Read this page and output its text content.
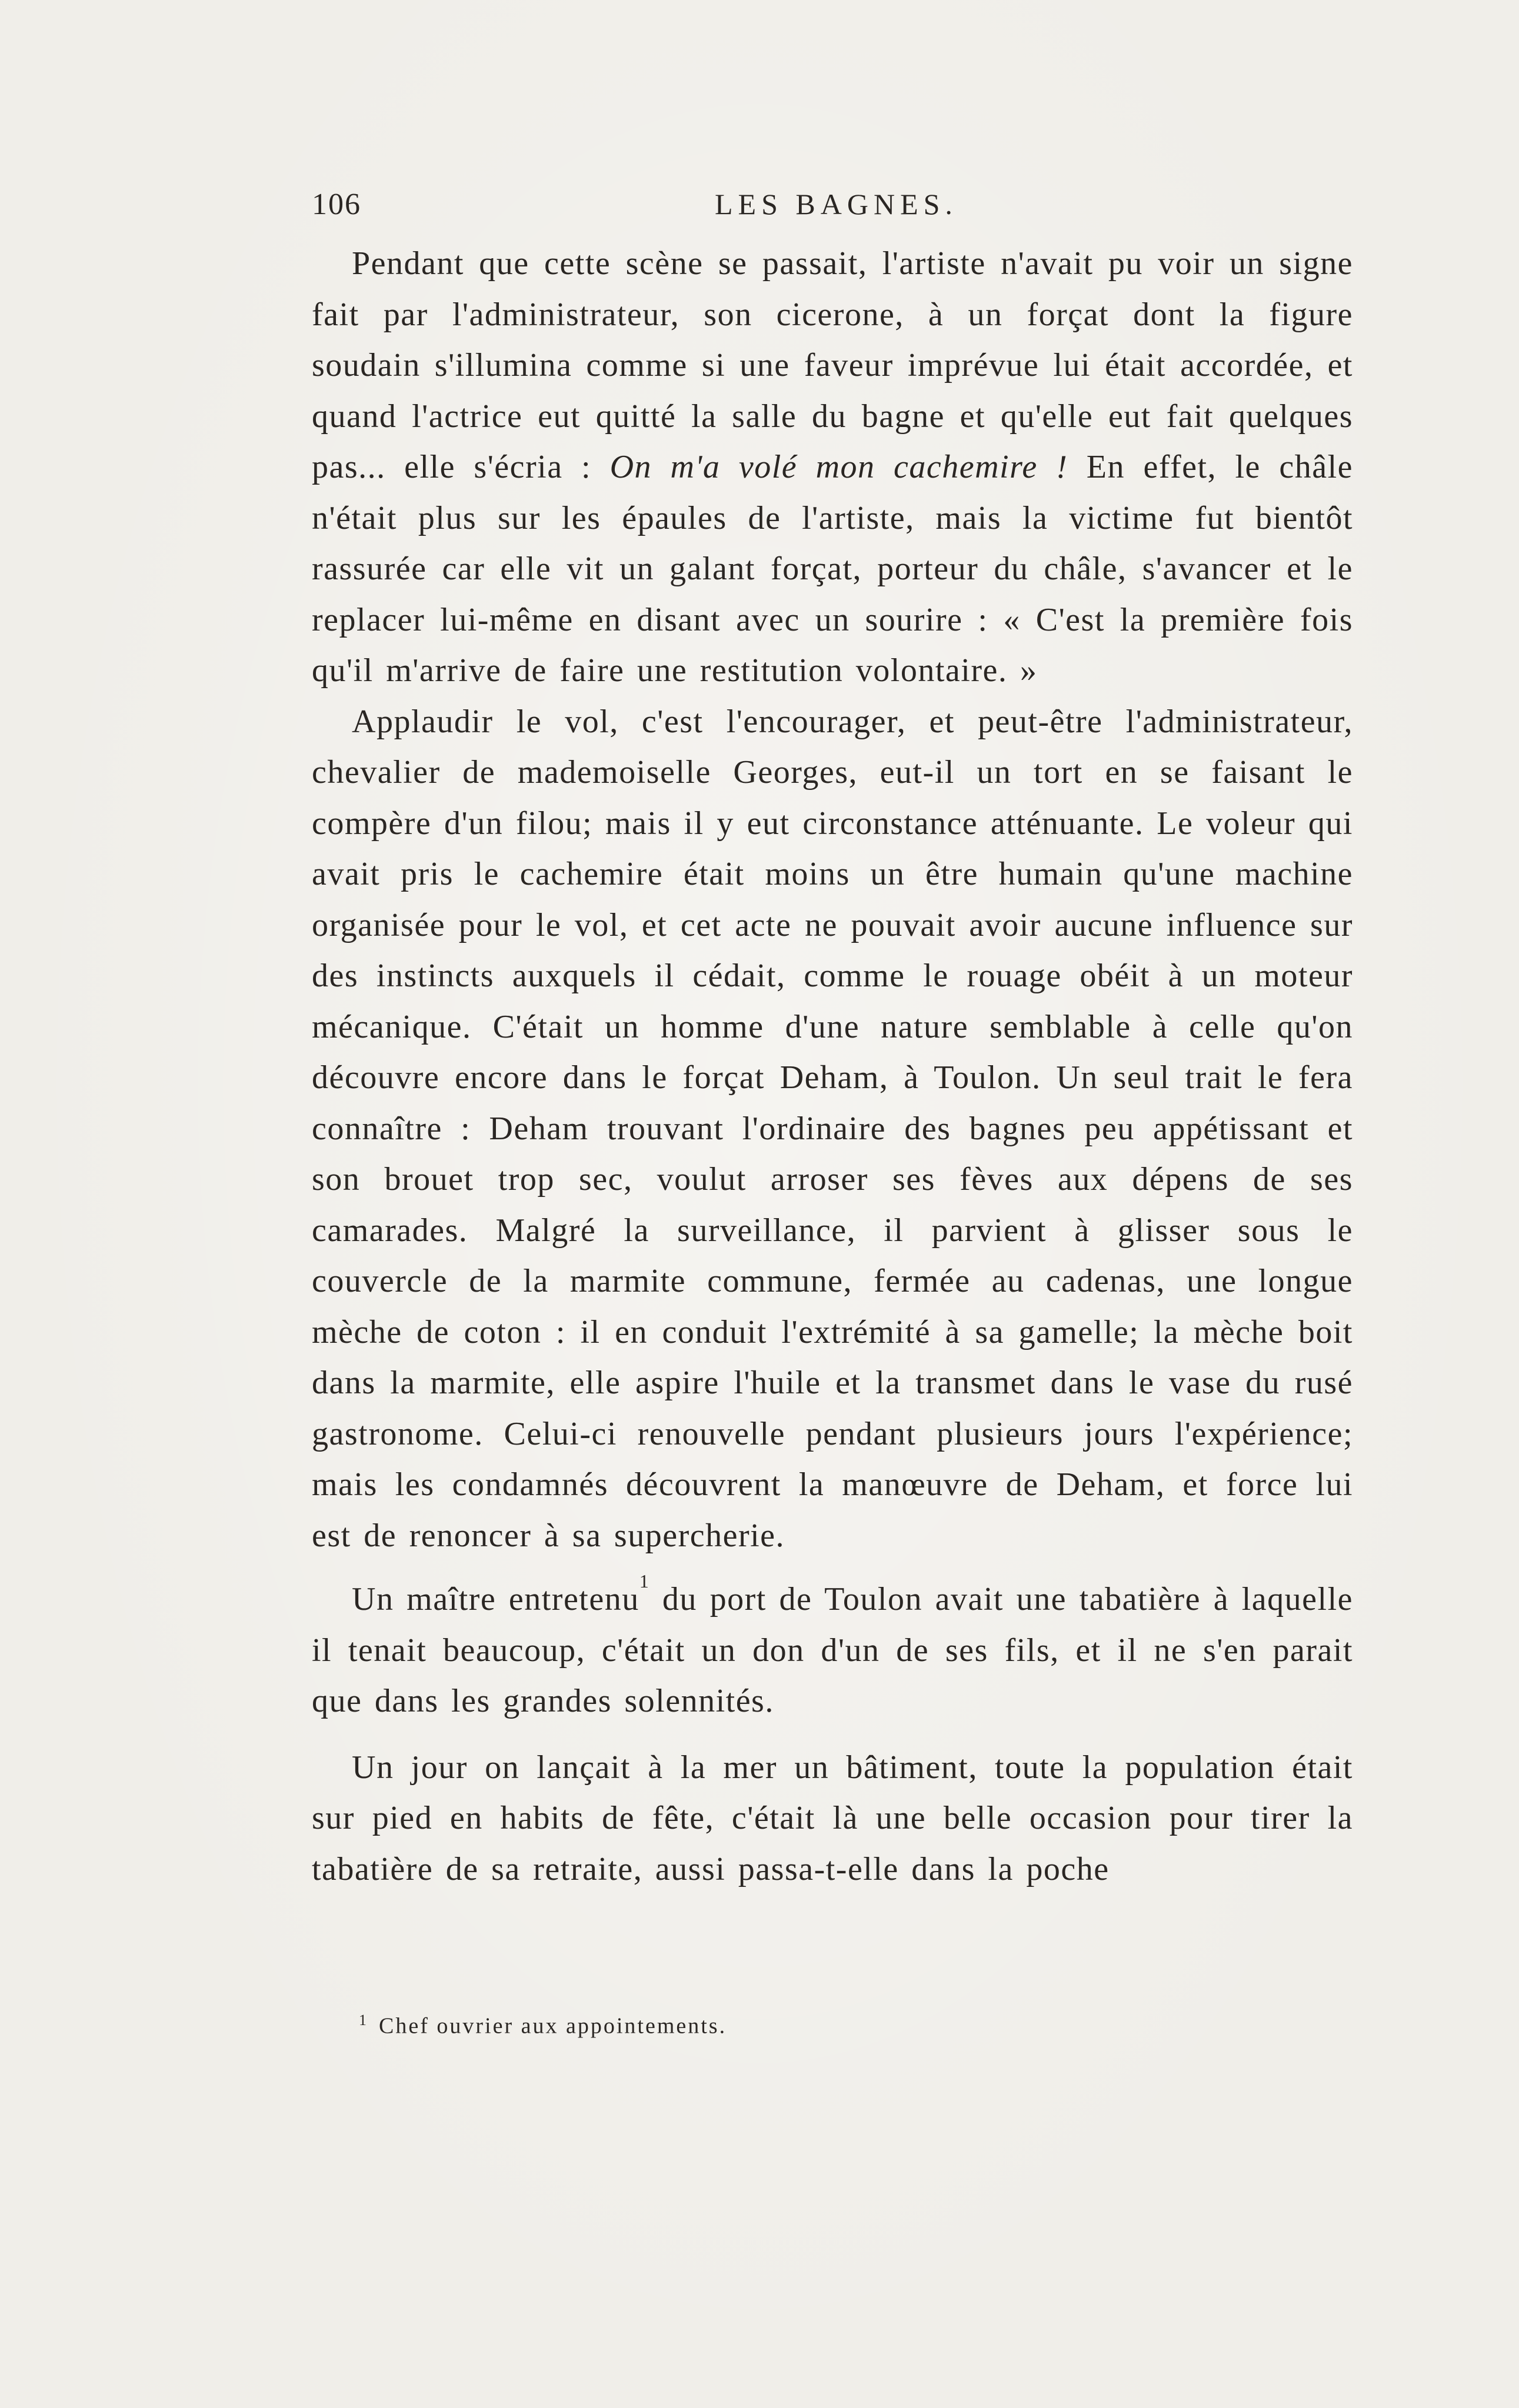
106	LES BAGNES.

Pendant que cette scène se passait, l'artiste n'avait pu voir un signe fait par l'administrateur, son cicerone, à un forçat dont la figure soudain s'illumina comme si une faveur imprévue lui était accordée, et quand l'actrice eut quitté la salle du bagne et qu'elle eut fait quelques pas... elle s'écria : On m'a volé mon cachemire ! En effet, le châle n'était plus sur les épaules de l'artiste, mais la victime fut bientôt rassurée car elle vit un galant forçat, porteur du châle, s'avancer et le replacer lui-même en disant avec un sourire : « C'est la première fois qu'il m'arrive de faire une restitution volontaire. »

Applaudir le vol, c'est l'encourager, et peut-être l'administrateur, chevalier de mademoiselle Georges, eut-il un tort en se faisant le compère d'un filou; mais il y eut circonstance atténuante. Le voleur qui avait pris le cachemire était moins un être humain qu'une machine organisée pour le vol, et cet acte ne pouvait avoir aucune influence sur des instincts auxquels il cédait, comme le rouage obéit à un moteur mécanique. C'était un homme d'une nature semblable à celle qu'on découvre encore dans le forçat Deham, à Toulon. Un seul trait le fera connaître : Deham trouvant l'ordinaire des bagnes peu appétissant et son brouet trop sec, voulut arroser ses fèves aux dépens de ses camarades. Malgré la surveillance, il parvient à glisser sous le couvercle de la marmite commune, fermée au cadenas, une longue mèche de coton : il en conduit l'extrémité à sa gamelle; la mèche boit dans la marmite, elle aspire l'huile et la transmet dans le vase du rusé gastronome. Celui-ci renouvelle pendant plusieurs jours l'expérience; mais les condamnés découvrent la manœuvre de Deham, et force lui est de renoncer à sa supercherie.

Un maître entretenu$^1$ du port de Toulon avait une tabatière à laquelle il tenait beaucoup, c'était un don d'un de ses fils, et il ne s'en parait que dans les grandes solennités.

Un jour on lançait à la mer un bâtiment, toute la population était sur pied en habits de fête, c'était là une belle occasion pour tirer la tabatière de sa retraite, aussi passa-t-elle dans la poche

$^1$ Chef ouvrier aux appointements.
